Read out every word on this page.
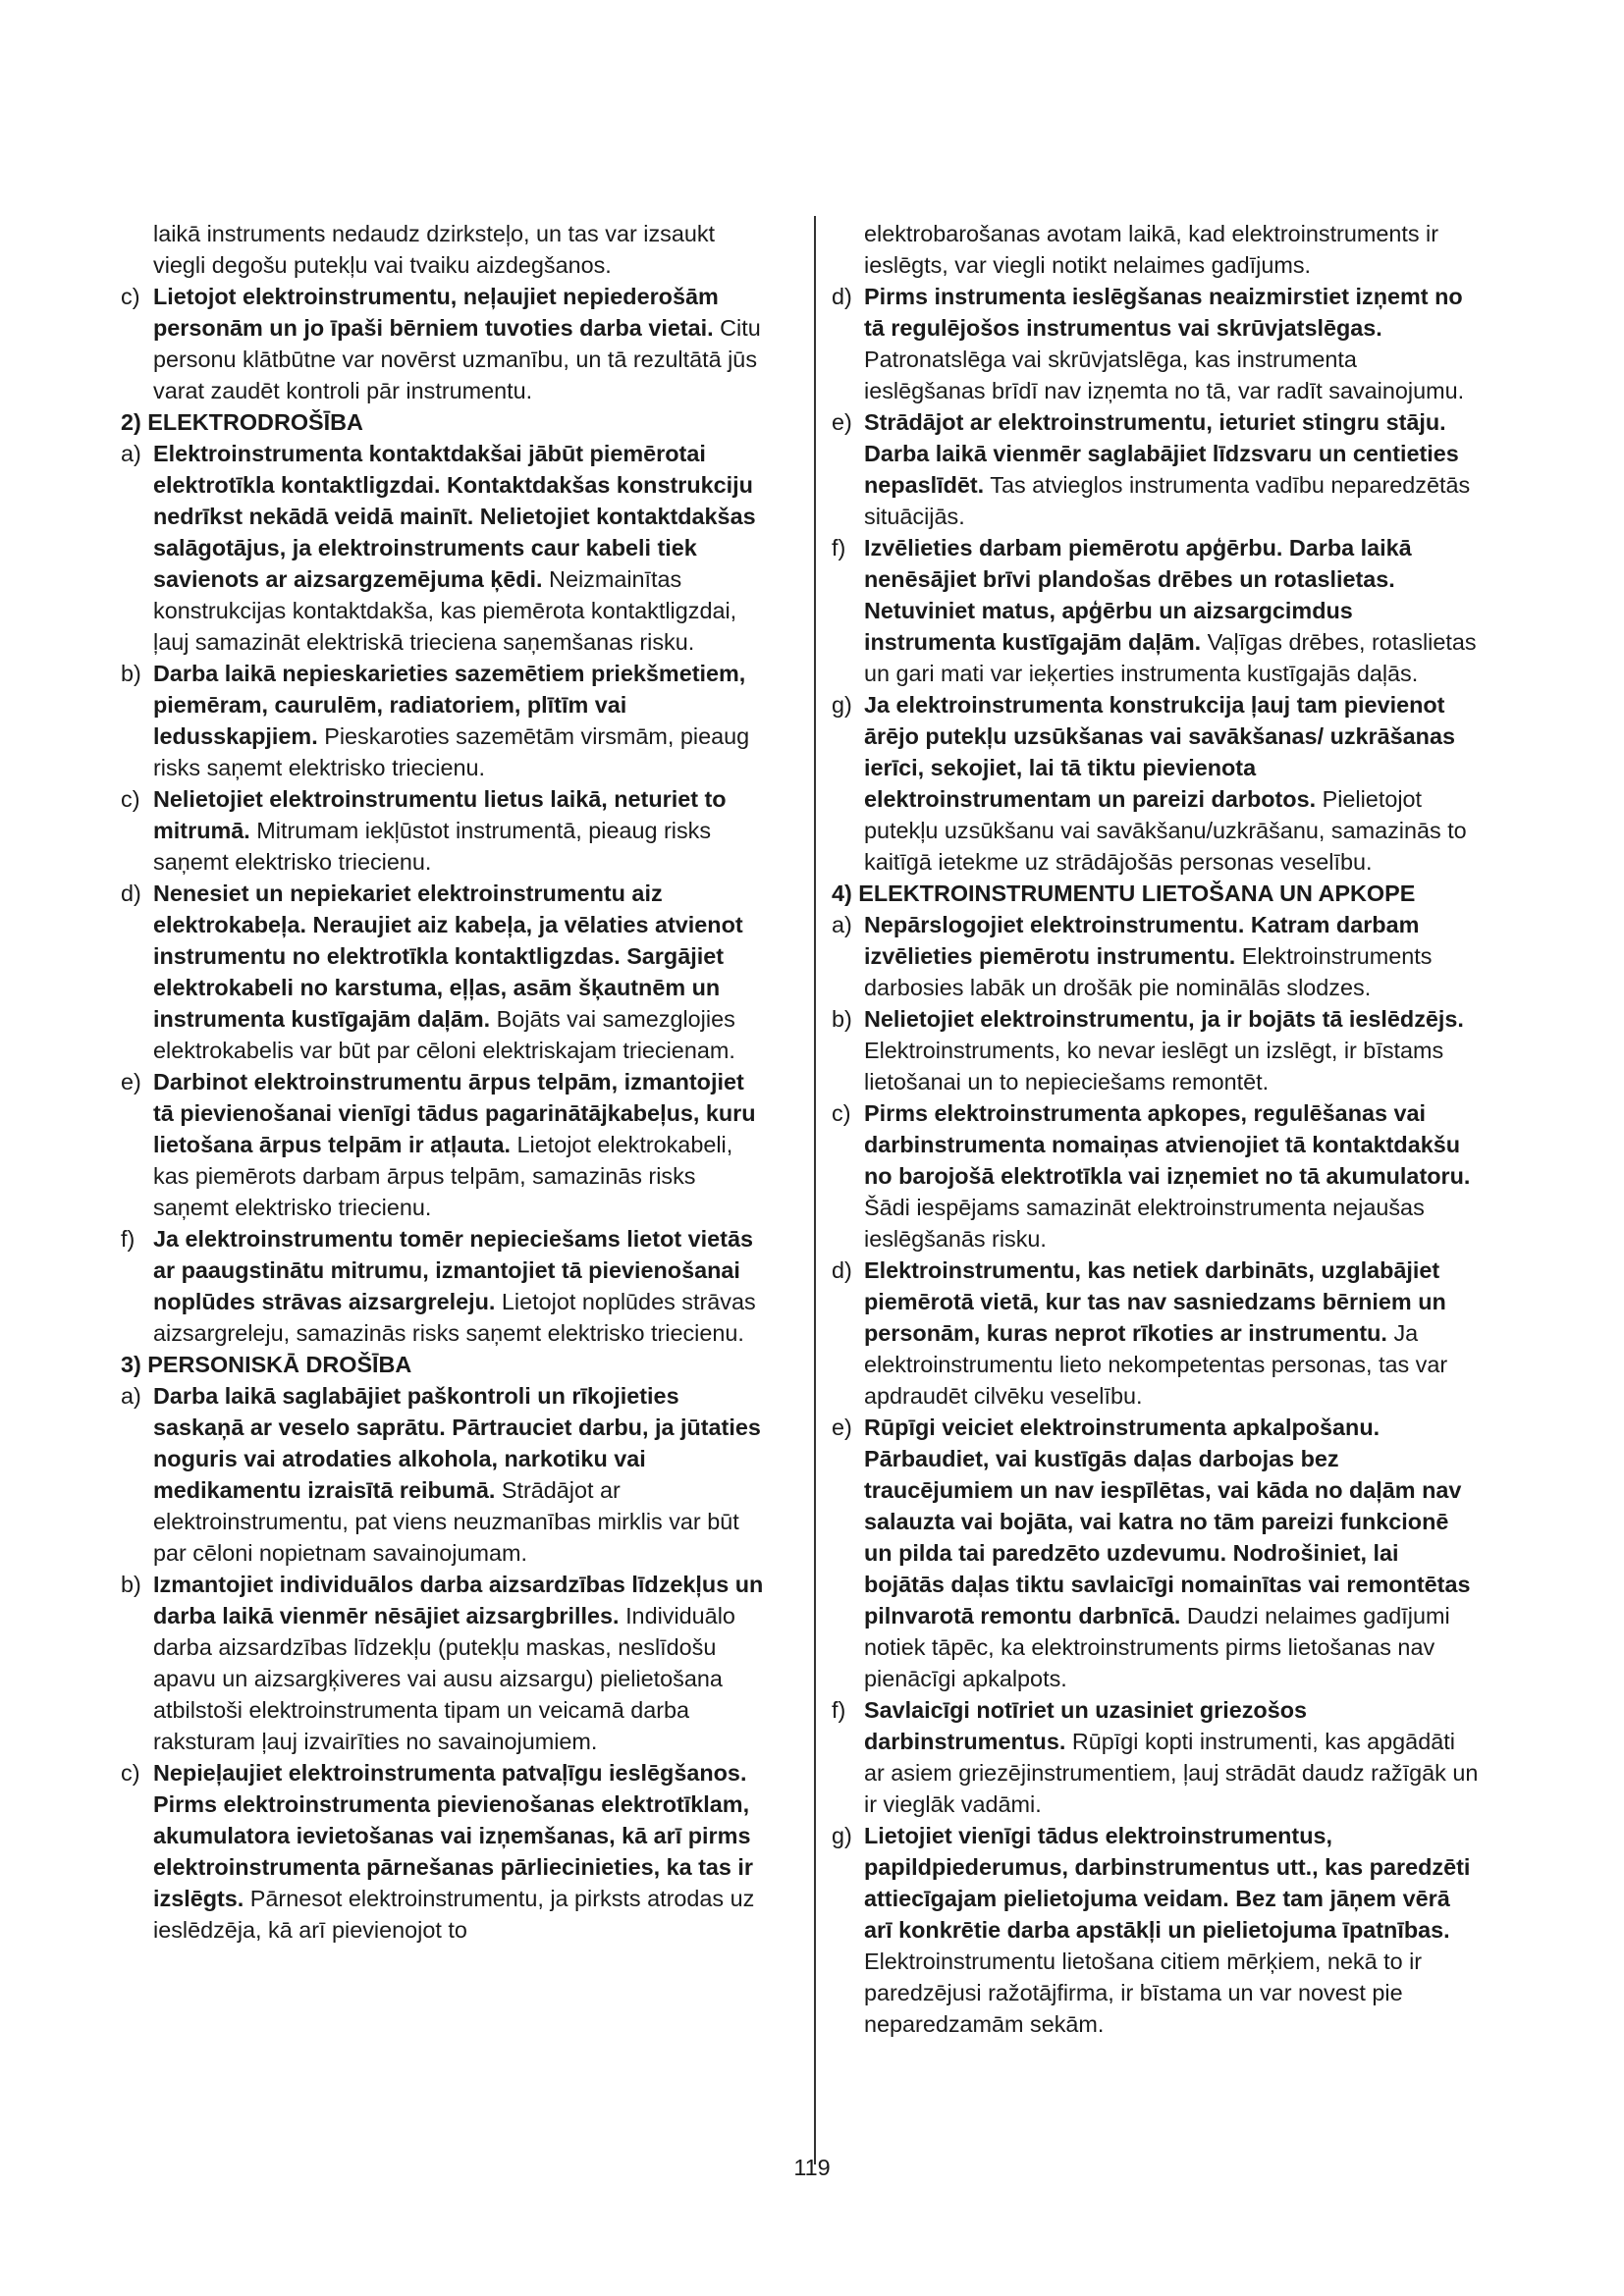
laikā instruments nedaudz dzirksteļo, un tas var izsaukt viegli degošu putekļu vai tvaiku aizdegšanos.

c) Lietojot elektroinstrumentu, neļaujiet nepiederošām personām un jo īpaši bērniem tuvoties darba vietai. Citu personu klātbūtne var novērst uzmanību, un tā rezultātā jūs varat zaudēt kontroli pār instrumentu.

2) ELEKTRODROŠĪBA

a) Elektroinstrumenta kontaktdakšai jābūt piemērotai elektrotīkla kontaktligzdai. Kontaktdakšas konstrukciju nedrīkst nekādā veidā mainīt. Nelietojiet kontaktdakšas salāgotājus, ja elektroinstruments caur kabeli tiek savienots ar aizsargzemējuma ķēdi. Neizmainītas konstrukcijas kontaktdakša, kas piemērota kontaktligzdai, ļauj samazināt elektriskā trieciena saņemšanas risku.
b) Darba laikā nepieskarieties sazemētiem priekšmetiem, piemēram, caurulēm, radiatoriem, plītīm vai ledusskapjiem. Pieskaroties sazemētām virsmām, pieaug risks saņemt elektrisko triecienu.
c) Nelietojiet elektroinstrumentu lietus laikā, neturiet to mitrumā. Mitrumam iekļūstot instrumentā, pieaug risks saņemt elektrisko triecienu.
d) Nenesiet un nepiekariet elektroinstrumentu aiz elektrokabeļa. Neraujiet aiz kabeļa, ja vēlaties atvienot instrumentu no elektrotīkla kontaktligzdas. Sargājiet elektrokabeli no karstuma, eļļas, asām šķautnēm un instrumenta kustīgajām daļām. Bojāts vai samezglojies elektrokabelis var būt par cēloni elektriskajam triecienam.
e) Darbinot elektroinstrumentu ārpus telpām, izmantojiet tā pievienošanai vienīgi tādus pagarinātājkabeļus, kuru lietošana ārpus telpām ir atļauta. Lietojot elektrokabeli, kas piemērots darbam ārpus telpām, samazinās risks saņemt elektrisko triecienu.
f) Ja elektroinstrumentu tomēr nepieciešams lietot vietās ar paaugstinātu mitrumu, izmantojiet tā pievienošanai noplūdes strāvas aizsargreleju. Lietojot noplūdes strāvas aizsargreleju, samazinās risks saņemt elektrisko triecienu.

3) PERSONISKĀ DROŠĪBA

a) Darba laikā saglabājiet paškontroli un rīkojieties saskaņā ar veselo saprātu. Pārtrauciet darbu, ja jūtaties noguris vai atrodaties alkohola, narkotiku vai medikamentu izraisītā reibumā. Strādājot ar elektroinstrumentu, pat viens neuzmanības mirklis var būt par cēloni nopietnam savainojumam.
b) Izmantojiet individuālos darba aizsardzības līdzekļus un darba laikā vienmēr nēsājiet aizsargbrilles. Individuālo darba aizsardzības līdzekļu (putekļu maskas, neslīdošu apavu un aizsargķiveres vai ausu aizsargu) pielietošana atbilstoši elektroinstrumenta tipam un veicamā darba raksturam ļauj izvairīties no savainojumiem.
c) Nepieļaujiet elektroinstrumenta patvaļīgu ieslēgšanos. Pirms elektroinstrumenta pievienošanas elektrotīklam, akumulatora ievietošanas vai izņemšanas, kā arī pirms elektroinstrumenta pārnešanas pārliecinieties, ka tas ir izslēgts. Pārnesot elektroinstrumentu, ja pirksts atrodas uz ieslēdzēja, kā arī pievienojot to

elektrobarošanas avotam laikā, kad elektroinstruments ir ieslēgts, var viegli notikt nelaimes gadījums.

d) Pirms instrumenta ieslēgšanas neaizmirstiet izņemt no tā regulējošos instrumentus vai skrūvjatslēgas. Patronatslēga vai skrūvjatslēga, kas instrumenta ieslēgšanas brīdī nav izņemta no tā, var radīt savainojumu.
e) Strādājot ar elektroinstrumentu, ieturiet stingru stāju. Darba laikā vienmēr saglabājiet līdzsvaru un centieties nepaslīdēt. Tas atvieglos instrumenta vadību neparedzētās situācijās.
f) Izvēlieties darbam piemērotu apģērbu. Darba laikā nenēsājiet brīvi plandošas drēbes un rotaslietas. Netuviniet matus, apģērbu un aizsargcimdus instrumenta kustīgajām daļām. Vaļīgas drēbes, rotaslietas un gari mati var ieķerties instrumenta kustīgajās daļās.
g) Ja elektroinstrumenta konstrukcija ļauj tam pievienot ārējo putekļu uzsūkšanas vai savākšanas/ uzkrāšanas ierīci, sekojiet, lai tā tiktu pievienota elektroinstrumentam un pareizi darbotos. Pielietojot putekļu uzsūkšanu vai savākšanu/uzkrāšanu, samazinās to kaitīgā ietekme uz strādājošās personas veselību.

4) ELEKTROINSTRUMENTU LIETOŠANA UN APKOPE

a) Nepārslogojiet elektroinstrumentu. Katram darbam izvēlieties piemērotu instrumentu. Elektroinstruments darbosies labāk un drošāk pie nominālās slodzes.
b) Nelietojiet elektroinstrumentu, ja ir bojāts tā ieslēdzējs. Elektroinstruments, ko nevar ieslēgt un izslēgt, ir bīstams lietošanai un to nepieciešams remontēt.
c) Pirms elektroinstrumenta apkopes, regulēšanas vai darbinstrumenta nomaiņas atvienojiet tā kontaktdakšu no barojošā elektrotīkla vai izņemiet no tā akumulatoru. Šādi iespējams samazināt elektroinstrumenta nejaušas ieslēgšanās risku.
d) Elektroinstrumentu, kas netiek darbināts, uzglabājiet piemērotā vietā, kur tas nav sasniedzams bērniem un personām, kuras neprot rīkoties ar instrumentu. Ja elektroinstrumentu lieto nekompetentas personas, tas var apdraudēt cilvēku veselību.
e) Rūpīgi veiciet elektroinstrumenta apkalpošanu. Pārbaudiet, vai kustīgās daļas darbojas bez traucējumiem un nav iespīlētas, vai kāda no daļām nav salauzta vai bojāta, vai katra no tām pareizi funkcionē un pilda tai paredzēto uzdevumu. Nodrošiniet, lai bojātās daļas tiktu savlaicīgi nomainītas vai remontētas pilnvarotā remontu darbnīcā. Daudzi nelaimes gadījumi notiek tāpēc, ka elektroinstruments pirms lietošanas nav pienācīgi apkalpots.
f) Savlaicīgi notīriet un uzasiniet griezošos darbinstrumentus. Rūpīgi kopti instrumenti, kas apgādāti ar asiem griezējinstrumentiem, ļauj strādāt daudz ražīgāk un ir vieglāk vadāmi.
g) Lietojiet vienīgi tādus elektroinstrumentus, papildpiederumus, darbinstrumentus utt., kas paredzēti attiecīgajam pielietojuma veidam. Bez tam jāņem vērā arī konkrētie darba apstākļi un pielietojuma īpatnības. Elektroinstrumentu lietošana citiem mērķiem, nekā to ir paredzējusi ražotājfirma, ir bīstama un var novest pie neparedzamām sekām.
119
